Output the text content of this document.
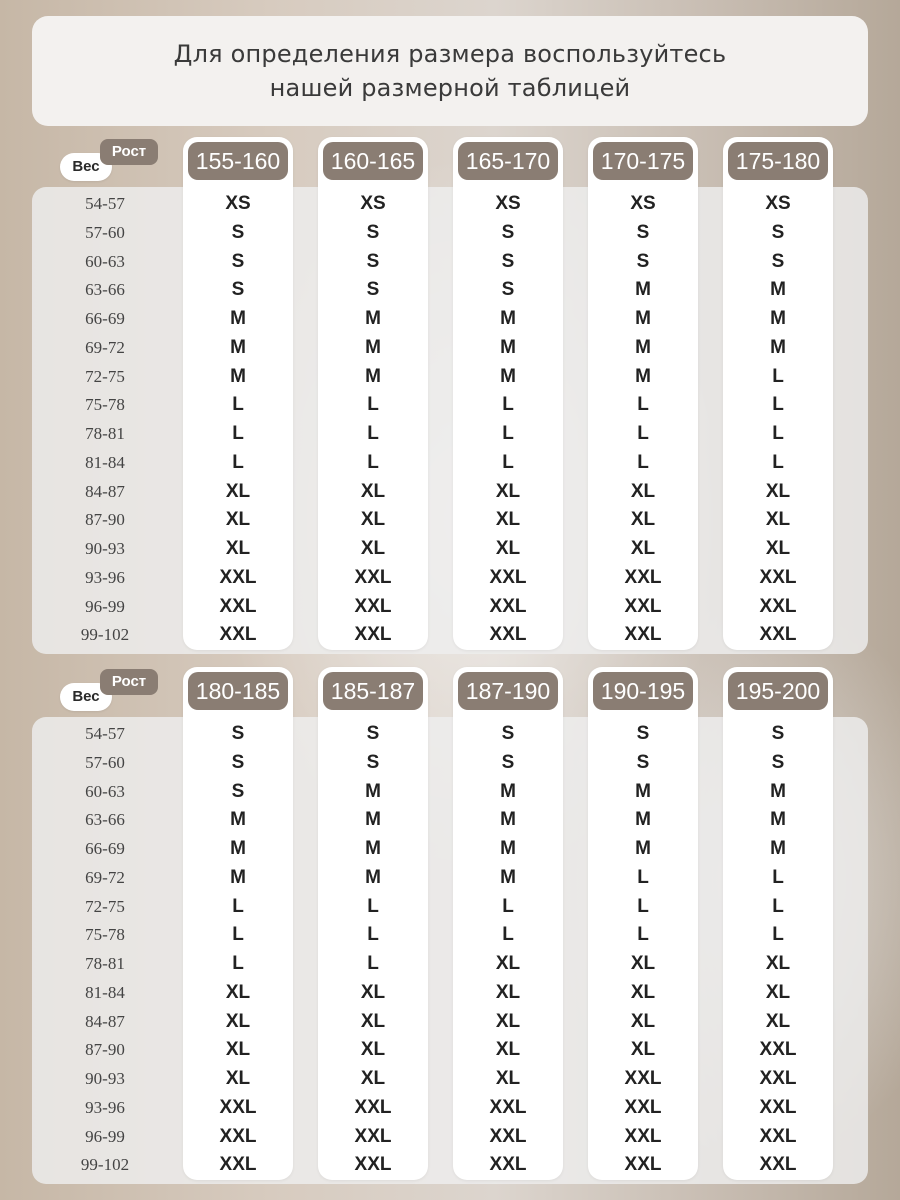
Для определения размера воспользуйтесь
нашей размерной таблицей
Вес
Рост
54-57
57-60
60-63
63-66
66-69
69-72
72-75
75-78
78-81
81-84
84-87
87-90
90-93
93-96
96-99
99-102
155-160
XS
S
S
S
M
M
M
L
L
L
XL
XL
XL
XXL
XXL
XXL
160-165
XS
S
S
S
M
M
M
L
L
L
XL
XL
XL
XXL
XXL
XXL
165-170
XS
S
S
S
M
M
M
L
L
L
XL
XL
XL
XXL
XXL
XXL
170-175
XS
S
S
M
M
M
M
L
L
L
XL
XL
XL
XXL
XXL
XXL
175-180
XS
S
S
M
M
M
L
L
L
L
XL
XL
XL
XXL
XXL
XXL
Вес
Рост
54-57
57-60
60-63
63-66
66-69
69-72
72-75
75-78
78-81
81-84
84-87
87-90
90-93
93-96
96-99
99-102
180-185
S
S
S
M
M
M
L
L
L
XL
XL
XL
XL
XXL
XXL
XXL
185-187
S
S
M
M
M
M
L
L
L
XL
XL
XL
XL
XXL
XXL
XXL
187-190
S
S
M
M
M
M
L
L
XL
XL
XL
XL
XL
XXL
XXL
XXL
190-195
S
S
M
M
M
L
L
L
XL
XL
XL
XL
XXL
XXL
XXL
XXL
195-200
S
S
M
M
M
L
L
L
XL
XL
XL
XXL
XXL
XXL
XXL
XXL
